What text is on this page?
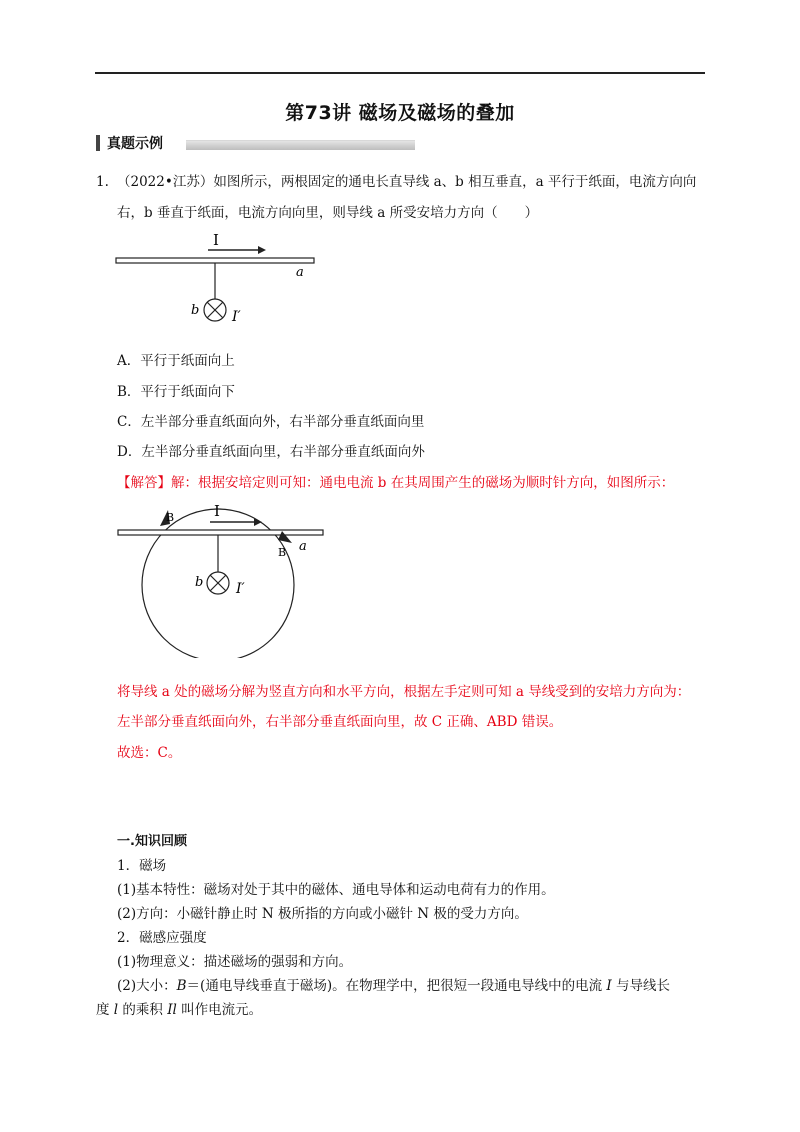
第73讲 磁场及磁场的叠加
真题示例
1. （2022•江苏）如图所示，两根固定的通电长直导线 a、b 相互垂直，a 平行于纸面，电流方向向
右，b 垂直于纸面，电流方向向里，则导线 a 所受安培力方向（　　）
I
a
b I′
A．平行于纸面向上
B．平行于纸面向下
C．左半部分垂直纸面向外，右半部分垂直纸面向里
D．左半部分垂直纸面向里，右半部分垂直纸面向外
【解答】解：根据安培定则可知：通电电流 b 在其周围产生的磁场为顺时针方向，如图所示：
I
B
B a
b I′
将导线 a 处的磁场分解为竖直方向和水平方向，根据左手定则可知 a 导线受到的安培力方向为：
左半部分垂直纸面向外，右半部分垂直纸面向里，故 C 正确、ABD 错误。
故选：C。
一.知识回顾
1．磁场
(1)基本特性：磁场对处于其中的磁体、通电导体和运动电荷有力的作用。
(2)方向：小磁针静止时 N 极所指的方向或小磁针 N 极的受力方向。
2．磁感应强度
(1)物理意义：描述磁场的强弱和方向。
(2)大小：B＝(通电导线垂直于磁场)。在物理学中，把很短一段通电导线中的电流 I 与导线长
度 l 的乘积 Il 叫作电流元。
